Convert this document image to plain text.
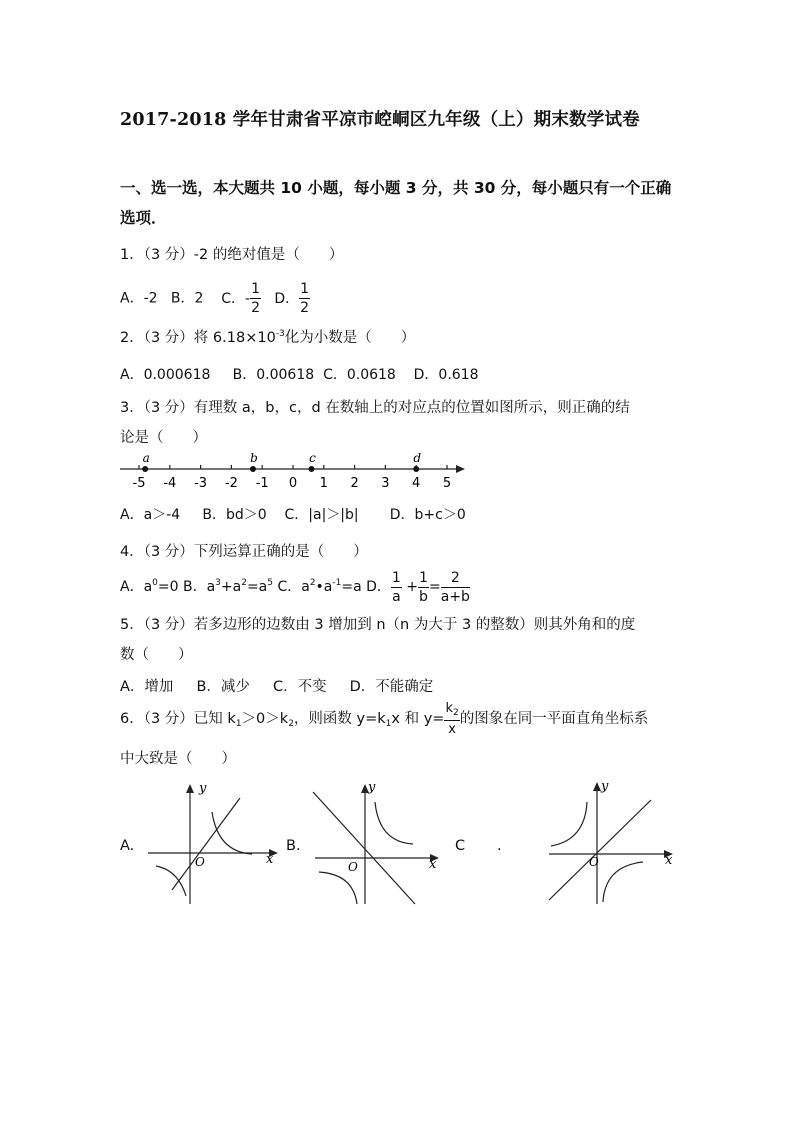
2017-2018 学年甘肃省平凉市崆峒区九年级（上）期末数学试卷
一、选一选，本大题共 10 小题，每小题 3 分，共 30 分，每小题只有一个正确
选项．
1．（3 分）-2 的绝对值是（　　）
A．-2 B．2 C．- $\frac{1}{2}$ D． $\frac{1}{2}$
2．（3 分）将 $6.18\times 10^{-3}$化为小数是（　　）
A．0.000618 B．0.00618 C．0.0618 D．0.618
3．（3 分）有理数 a，b，c，d 在数轴上的对应点的位置如图所示，则正确的结
论是（　　）
-5 -4 -3 -2 -1 0 1 2 3 4 5
a	b	c	d
A．a＞-4 B．bd＞0 C．|a|＞|b| D．b+c＞0
4．（3 分）下列运算正确的是（　　）
A．$a^0=0$ B．$a^3+a^2=a^5$ C．$a^2•a^{-1}=a$ D． $\frac{1}{a} + \frac{1}{b} = \frac{2}{a+b}$
5．（3 分）若多边形的边数由 3 增加到 n（n 为大于 3 的整数）则其外角和的度
数（　　）
A．增加 B．减少 C．不变 D．不能确定
6．（3 分）已知 $k_1>0>k_2$，则函数 $y=k_1x$ 和 $y= \frac{k_2}{x}$ 的图象在同一平面直角坐标系
中大致是（　　）
A.
x
y
O
B.
x
y
O
C .
x
y
O
